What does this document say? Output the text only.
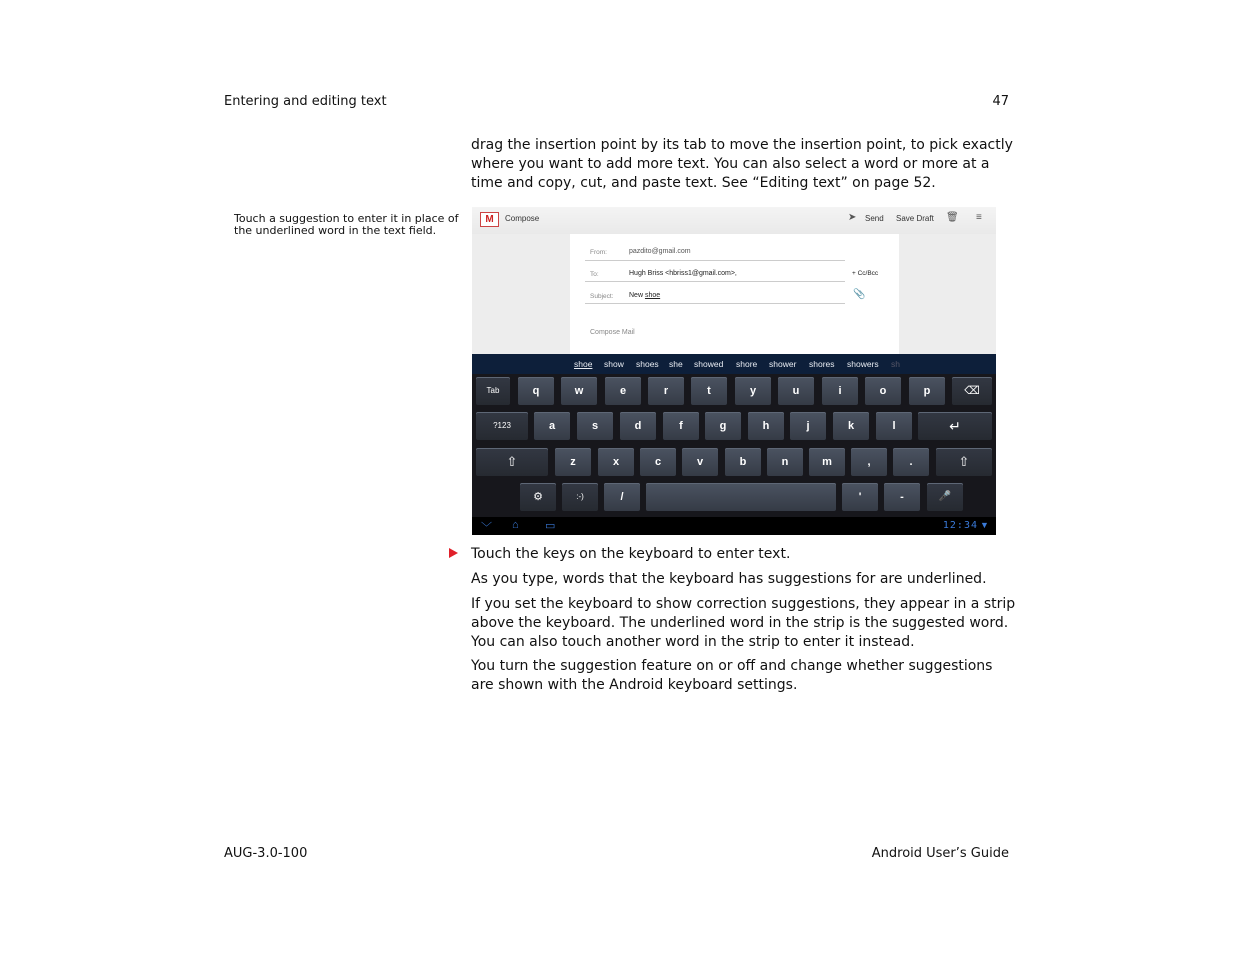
Entering and editing text	47
drag the insertion point by its tab to move the insertion point, to pick exactly where you want to add more text. You can also select a word or more at a time and copy, cut, and paste text. See “Editing text” on page 52.
Touch a suggestion to enter it in place of the underlined word in the text field.
M	Compose	➤ Send Save Draft 🗑 ≡
From:	pazdito@gmail.com
To:	Hugh Briss <hbriss1@gmail.com>,	+ Cc/Bcc
Subject: New shoe	📎
Compose Mail
shoe show shoes she showed shore shower shores showers sh
Tab	q	w	e	r	t	y	u	i	o	p	⌫
?123	a	s	d	f	g	h	j	k	l	↵
⇧	z	x	c	v	b	n	m	,	.	⇧
⚙	:-)	/	'	-	🎤
﹀ ⌂ ▭	12:34 ▼
Touch the keys on the keyboard to enter text.
As you type, words that the keyboard has suggestions for are underlined.
If you set the keyboard to show correction suggestions, they appear in a strip above the keyboard. The underlined word in the strip is the suggested word. You can also touch another word in the strip to enter it instead.
You turn the suggestion feature on or off and change whether suggestions are shown with the Android keyboard settings.
AUG-3.0-100	Android User’s Guide
